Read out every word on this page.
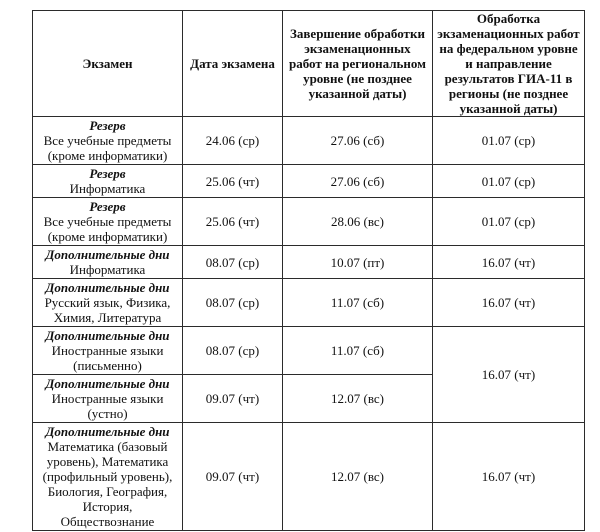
Экзамен	Дата экзамена	Завершение обработки экзаменационных работ на региональном уровне (не позднее указанной даты)	Обработка экзаменационных работ на федеральном уровне и направление результатов ГИА-11 в регионы (не позднее указанной даты)

Резерв
Все учебные предметы (кроме информатики)	24.06 (ср)	27.06 (сб)	01.07 (ср)

Резерв
Информатика	25.06 (чт)	27.06 (сб)	01.07 (ср)

Резерв
Все учебные предметы (кроме информатики)	25.06 (чт)	28.06 (вс)	01.07 (ср)

Дополнительные дни
Информатика	08.07 (ср)	10.07 (пт)	16.07 (чт)

Дополнительные дни
Русский язык, Физика, Химия, Литература	08.07 (ср)	11.07 (сб)	16.07 (чт)

Дополнительные дни
Иностранные языки (письменно)	08.07 (ср)	11.07 (сб)	16.07 (чт)

Дополнительные дни
Иностранные языки (устно)	09.07 (чт)	12.07 (вс)	

Дополнительные дни
Математика (базовый уровень), Математика (профильный уровень), Биология, География, История, Обществознание	09.07 (чт)	12.07 (вс)	16.07 (чт)
